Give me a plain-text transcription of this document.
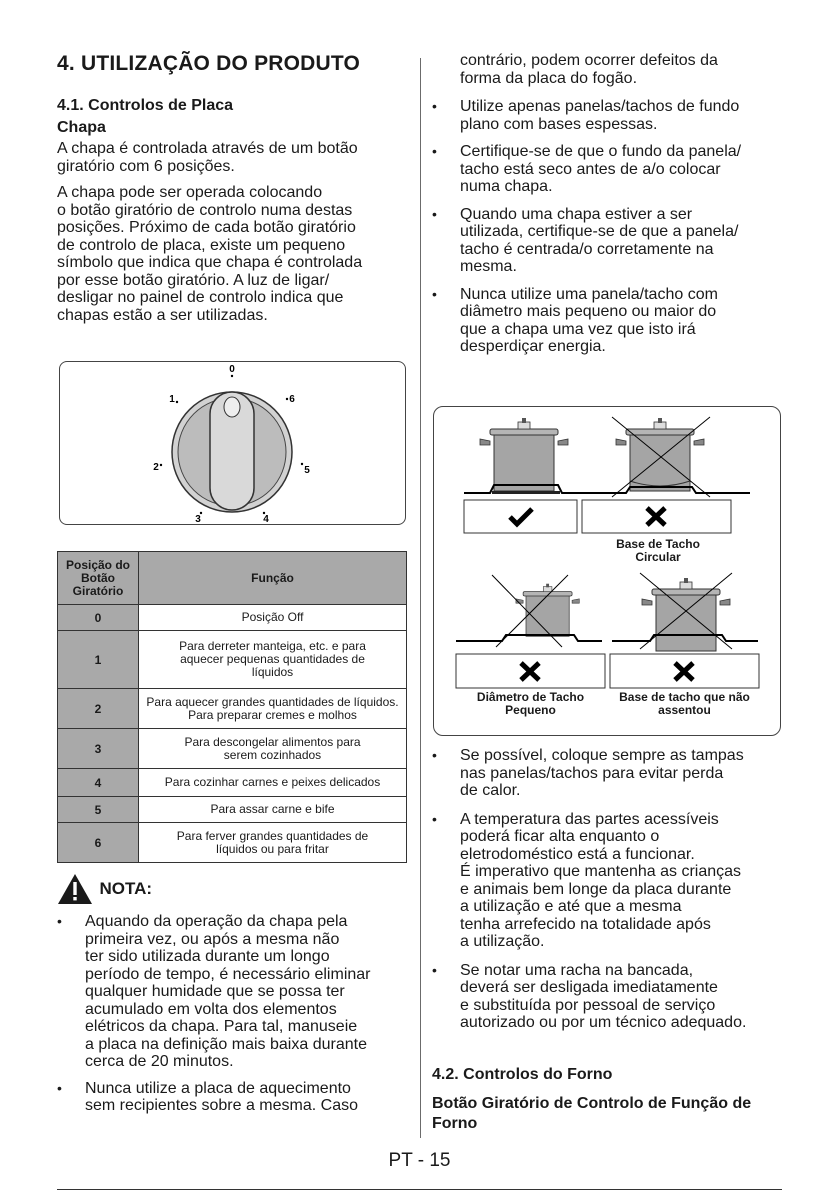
4. UTILIZAÇÃO DO PRODUTO
4.1. Controlos de Placa
Chapa

A chapa é controlada através de um botão
giratório com 6 posições.

A chapa pode ser operada colocando
o botão giratório de controlo numa destas
posições. Próximo de cada botão giratório
de controlo de placa, existe um pequeno
símbolo que indica que chapa é controlada
por esse botão giratório. A luz de ligar/
desligar no painel de controlo indica que
chapas estão a ser utilizadas.

0
1	6
2	5
3	4
Posição do Botão Giratório	Função
0	Posição Off
1	Para derreter manteiga, etc. e para aquecer pequenas quantidades de líquidos
2	Para aquecer grandes quantidades de líquidos. Para preparar cremes e molhos
3	Para descongelar alimentos para serem cozinhados
4	Para cozinhar carnes e peixes delicados
5	Para assar carne e bife
6	Para ferver grandes quantidades de líquidos ou para fritar
NOTA:
• Aquando da operação da chapa pela
primeira vez, ou após a mesma não
ter sido utilizada durante um longo
período de tempo, é necessário eliminar
qualquer humidade que se possa ter
acumulado em volta dos elementos
elétricos da chapa. Para tal, manuseie
a placa na definição mais baixa durante
cerca de 20 minutos.
• Nunca utilize a placa de aquecimento
sem recipientes sobre a mesma. Caso

contrário, podem ocorrer defeitos da
forma da placa do fogão.

• Utilize apenas panelas/tachos de fundo
plano com bases espessas.
• Certifique-se de que o fundo da panela/
tacho está seco antes de a/o colocar
numa chapa.
• Quando uma chapa estiver a ser
utilizada, certifique-se de que a panela/
tacho é centrada/o corretamente na
mesma.
• Nunca utilize uma panela/tacho com
diâmetro mais pequeno ou maior do
que a chapa uma vez que isto irá
desperdiçar energia.
Base de Tacho Circular
Diâmetro de Tacho Pequeno
Base de tacho que não assentou
• Se possível, coloque sempre as tampas
nas panelas/tachos para evitar perda
de calor.
• A temperatura das partes acessíveis
poderá ficar alta enquanto o
eletrodoméstico está a funcionar.
É imperativo que mantenha as crianças
e animais bem longe da placa durante
a utilização e até que a mesma
tenha arrefecido na totalidade após
a utilização.
• Se notar uma racha na bancada,
deverá ser desligada imediatamente
e substituída por pessoal de serviço
autorizado ou por um técnico adequado.
4.2. Controlos do Forno
Botão Giratório de Controlo de Função de Forno
PT - 15
